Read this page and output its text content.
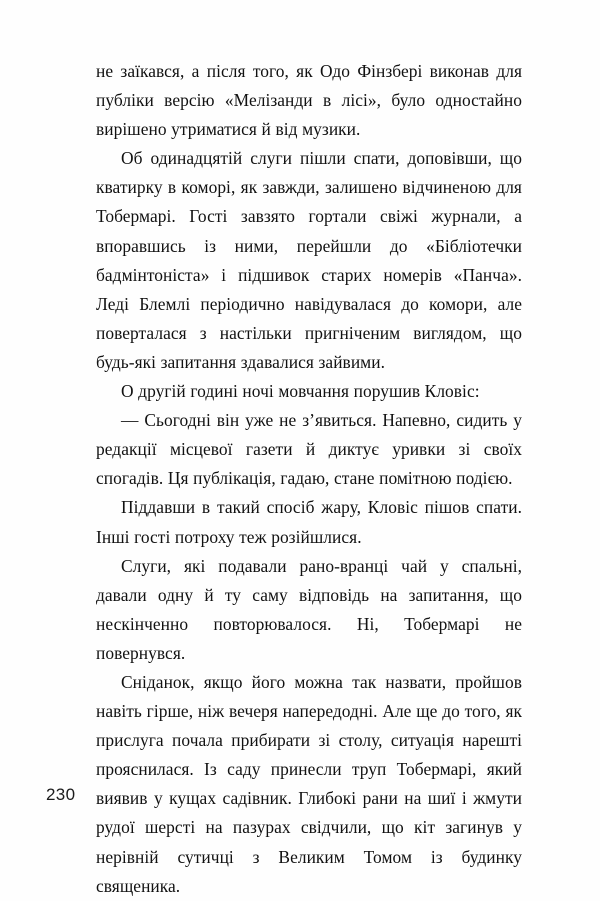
не заїкався, а після того, як Одо Фінзбері виконав для публіки версію «Мелізанди в лісі», було одностайно вирішено утриматися й від музики.

Об одинадцятій слуги пішли спати, доповівши, що кватирку в коморі, як завжди, залишено відчиненою для Тобермарі. Гості завзято гортали свіжі журнали, а впоравшись із ними, перейшли до «Бібліотечки бадмінтоніста» і підшивок старих номерів «Панча». Леді Блемлі періодично навідувалася до комори, але поверталася з настільки пригніченим виглядом, що будь-які запитання здавалися зайвими.

О другій годині ночі мовчання порушив Кловіс:

— Сьогодні він уже не з’явиться. Напевно, сидить у редакції місцевої газети й диктує уривки зі своїх спогадів. Ця публікація, гадаю, стане помітною подією.

Піддавши в такий спосіб жару, Кловіс пішов спати. Інші гості потроху теж розійшлися.

Слуги, які подавали рано-вранці чай у спальні, давали одну й ту саму відповідь на запитання, що нескінченно повторювалося. Ні, Тобермарі не повернувся.

Сніданок, якщо його можна так назвати, пройшов навіть гірше, ніж вечеря напередодні. Але ще до того, як прислуга почала прибирати зі столу, ситуація нарешті прояснилася. Із саду принесли труп Тобермарі, який виявив у кущах садівник. Глибокі рани на шиї і жмути рудої шерсті на пазурах свідчили, що кіт загинув у нерівній сутичці з Великим Томом із будинку священика.

230
